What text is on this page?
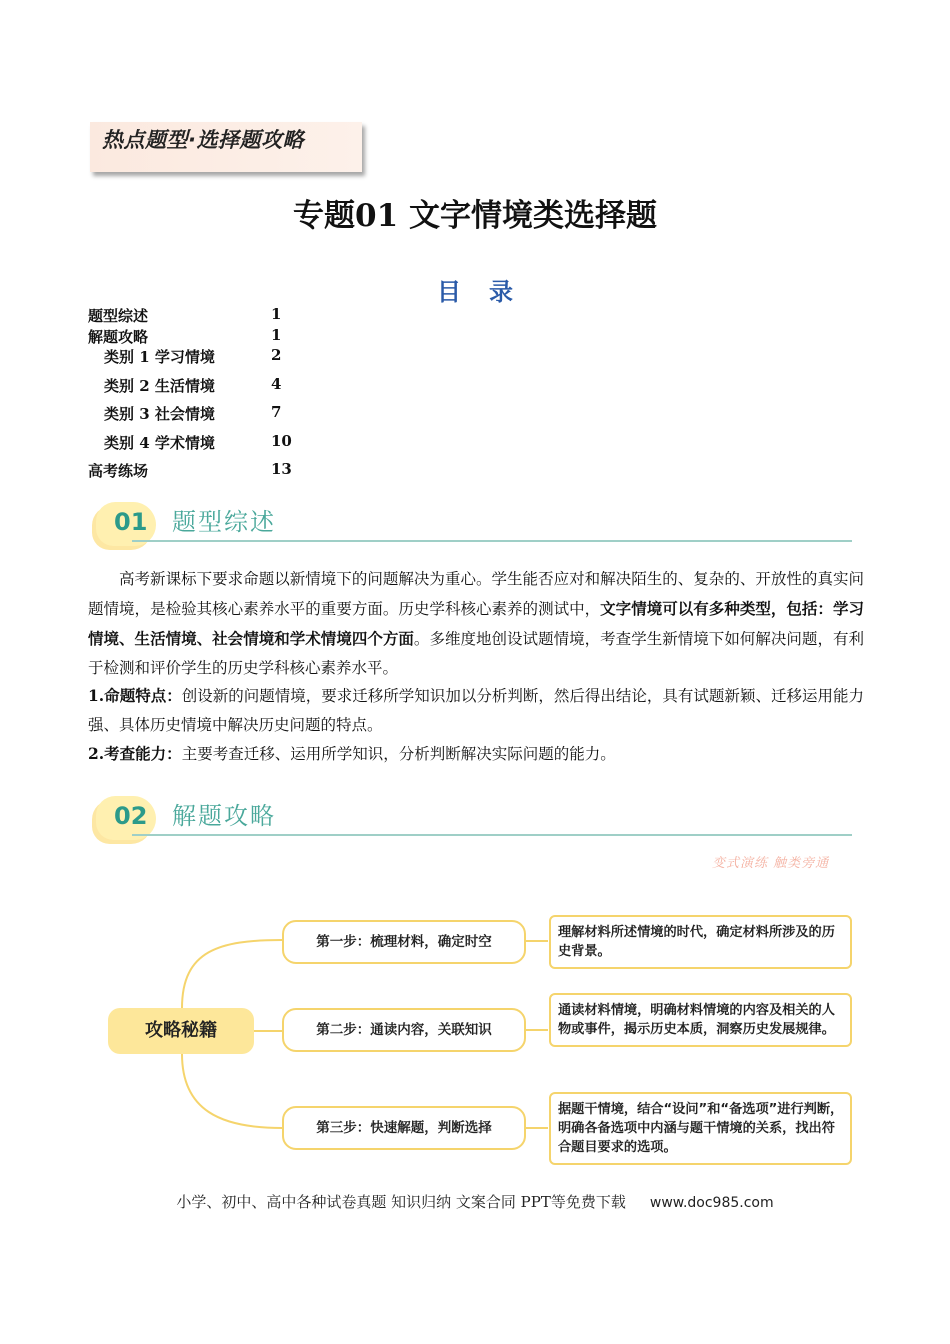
热点题型·选择题攻略
专题01 文字情境类选择题
目录
题型综述	1
解题攻略	1
类别 1 学习情境	2
类别 2 生活情境	4
类别 3 社会情境	7
类别 4 学术情境	10
高考练场	13
01 题型综述
高考新课标下要求命题以新情境下的问题解决为重心。学生能否应对和解决陌生的、复杂的、开放性的真实问题情境，是检验其核心素养水平的重要方面。历史学科核心素养的测试中，文字情境可以有多种类型，包括：学习情境、生活情境、社会情境和学术情境四个方面。多维度地创设试题情境，考查学生新情境下如何解决问题，有利于检测和评价学生的历史学科核心素养水平。
1.命题特点：创设新的问题情境，要求迁移所学知识加以分析判断，然后得出结论，具有试题新颖、迁移运用能力强、具体历史情境中解决历史问题的特点。
2.考查能力：主要考查迁移、运用所学知识，分析判断解决实际问题的能力。
02 解题攻略
变式演练 触类旁通
攻略秘籍
第一步：梳理材料，确定时空
理解材料所述情境的时代，确定材料所涉及的历史背景。
第二步：通读内容，关联知识
通读材料情境，明确材料情境的内容及相关的人物或事件，揭示历史本质，洞察历史发展规律。
第三步：快速解题，判断选择
据题干情境，结合“设问”和“备选项”进行判断，明确各备选项中内涵与题干情境的关系，找出符合题目要求的选项。
小学、初中、高中各种试卷真题 知识归纳 文案合同 PPT等免费下载 www.doc985.com
